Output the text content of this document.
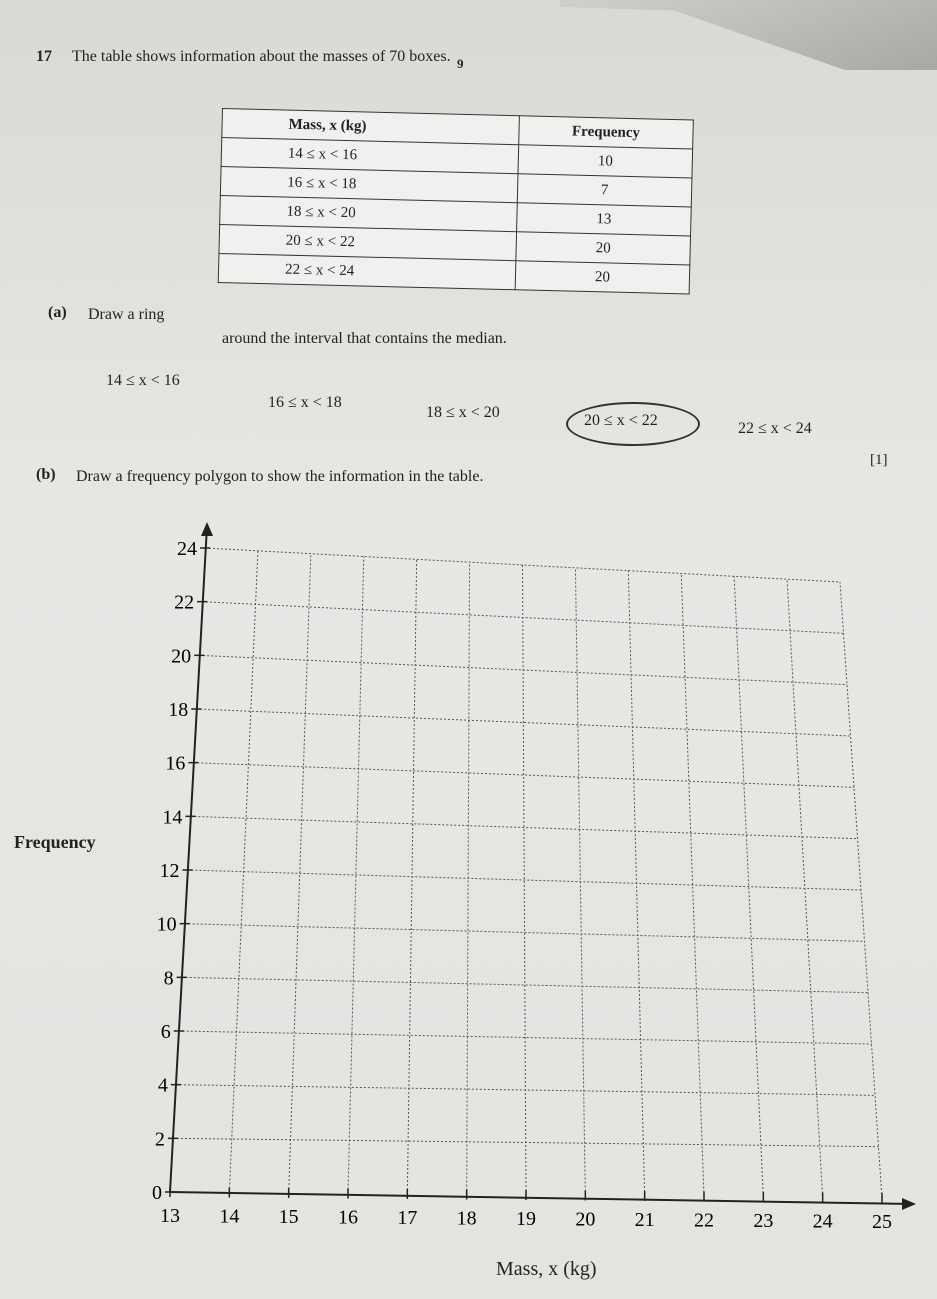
9
17 The table shows information about the masses of 70 boxes.
Mass, x (kg)	Frequency
14 ≤ x < 16	10
16 ≤ x < 18	7
18 ≤ x < 20	13
20 ≤ x < 22	20
22 ≤ x < 24	20
(a) Draw a ring
around the interval that contains the median.
14 ≤ x < 16
16 ≤ x < 18
18 ≤ x < 20	20 ≤ x < 22	22 ≤ x < 24
[1]
(b) Draw a frequency polygon to show the information in the table.
13 14 15 16 17 18 19 20 21 22 23 24 25
0
2
4
6
8
10
12
14
16
18
20
22
24
Frequency
Mass, x (kg)
